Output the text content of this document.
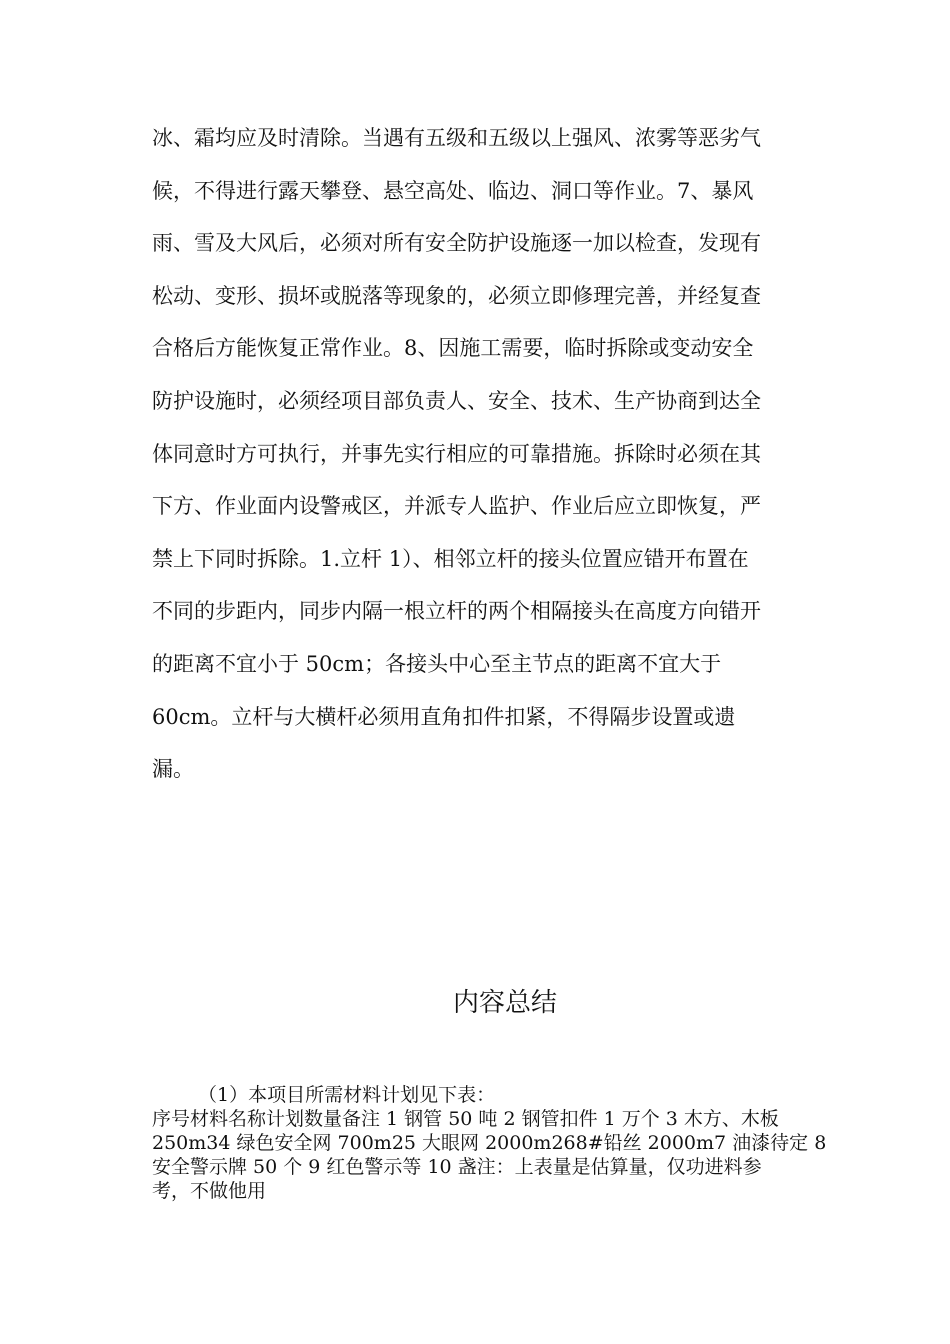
冰、霜均应及时清除。当遇有五级和五级以上强风、浓雾等恶劣气
候，不得进行露天攀登、悬空高处、临边、洞口等作业。7、暴风
雨、雪及大风后，必须对所有安全防护设施逐一加以检查，发现有
松动、变形、损坏或脱落等现象的，必须立即修理完善，并经复查
合格后方能恢复正常作业。8、因施工需要，临时拆除或变动安全
防护设施时，必须经项目部负责人、安全、技术、生产协商到达全
体同意时方可执行，并事先实行相应的可靠措施。拆除时必须在其
下方、作业面内设警戒区，并派专人监护、作业后应立即恢复，严
禁上下同时拆除。1.立杆 1）、相邻立杆的接头位置应错开布置在
不同的步距内，同步内隔一根立杆的两个相隔接头在高度方向错开
的距离不宜小于 50cm；各接头中心至主节点的距离不宜大于
60cm。立杆与大横杆必须用直角扣件扣紧，不得隔步设置或遗
漏。
内容总结
（1）本项目所需材料计划见下表：
序号材料名称计划数量备注 1 钢管 50 吨 2 钢管扣件 1 万个 3 木方、木板
250m34 绿色安全网 700m25 大眼网 2000m268#铅丝 2000m7 油漆待定 8
安全警示牌 50 个 9 红色警示等 10 盏注：上表量是估算量，仅功进料参
考，不做他用
